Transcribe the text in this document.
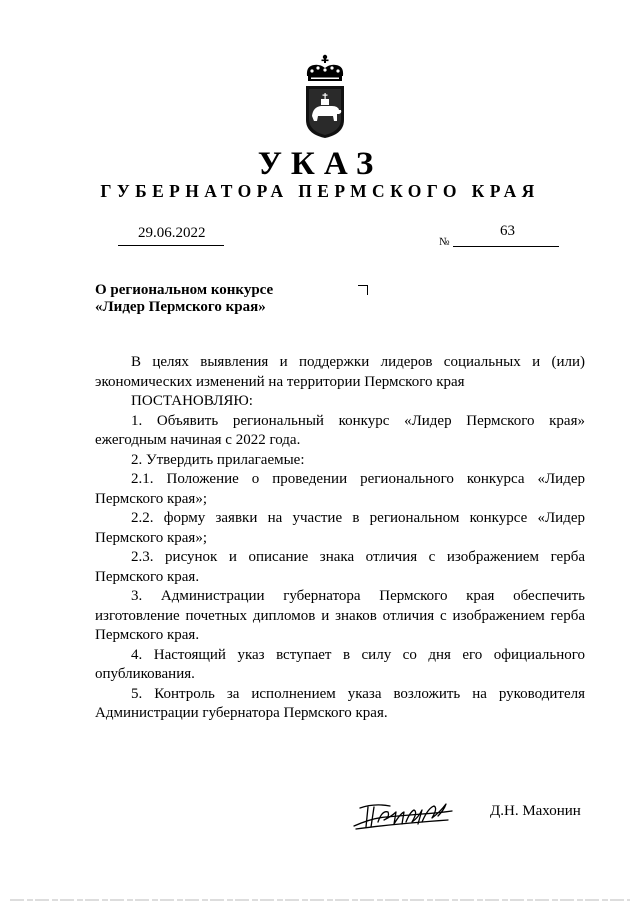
УКАЗ
ГУБЕРНАТОРА ПЕРМСКОГО КРАЯ
29.06.2022
№
63
О региональном конкурсе
«Лидер Пермского края»

В целях выявления и поддержки лидеров социальных и (или) экономических изменений на территории Пермского края

ПОСТАНОВЛЯЮ:

1. Объявить региональный конкурс «Лидер Пермского края» ежегодным начиная с 2022 года.

2. Утвердить прилагаемые:

2.1. Положение о проведении регионального конкурса «Лидер Пермского края»;

2.2. форму заявки на участие в региональном конкурсе «Лидер Пермского края»;

2.3. рисунок и описание знака отличия с изображением герба Пермского края.

3. Администрации губернатора Пермского края обеспечить изготовление почетных дипломов и знаков отличия с изображением герба Пермского края.

4. Настоящий указ вступает в силу со дня его официального опубликования.

5. Контроль за исполнением указа возложить на руководителя Администрации губернатора Пермского края.

Д.Н. Махонин
